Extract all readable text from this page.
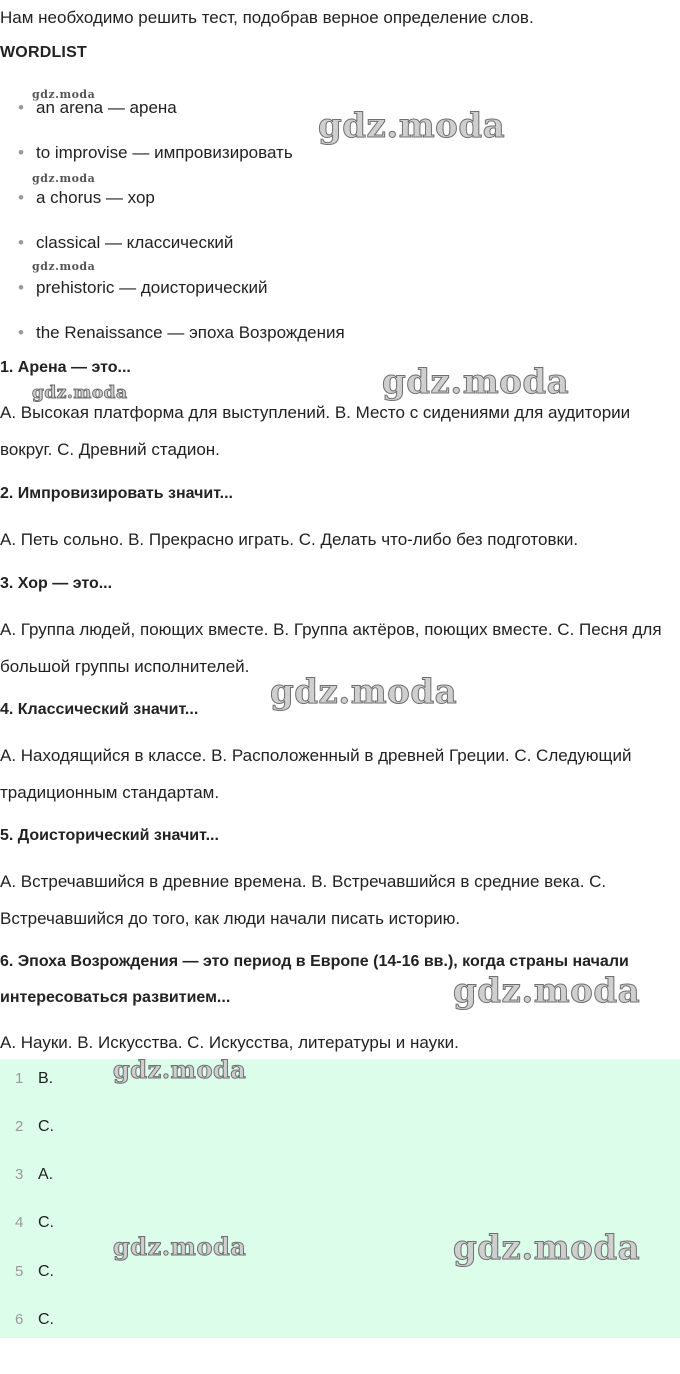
Нам необходимо решить тест, подобрав верное определение слов.
WORDLIST
• an arena — арена
• to improvise — импровизировать
• a chorus — хор
• classical — классический
• prehistoric — доисторический
• the Renaissance — эпоха Возрождения
1. Арена — это...
A. Высокая платформа для выступлений. B. Место с сидениями для аудитории вокруг. C. Древний стадион.
2. Импровизировать значит...
A. Петь сольно. B. Прекрасно играть. C. Делать что-либо без подготовки.
3. Хор — это...
A. Группа людей, поющих вместе. B. Группа актёров, поющих вместе. C. Песня для большой группы исполнителей.
4. Классический значит...
A. Находящийся в классе. B. Расположенный в древней Греции. C. Следующий традиционным стандартам.
5. Доисторический значит...
A. Встречавшийся в древние времена. B. Встречавшийся в средние века. C. Встречавшийся до того, как люди начали писать историю.
6. Эпоха Возрождения — это период в Европе (14-16 вв.), когда страны начали
интересоваться развитием...
A. Науки. B. Искусства. C. Искусства, литературы и науки.
1 B.
2 C.
3 A.
4 C.
5 C.
6 C.
gdz.moda
gdz.moda
gdz.moda
gdz.moda
gdz.moda
gdz.moda
gdz.moda
gdz.moda
gdz.moda
gdz.moda	gdz.moda
